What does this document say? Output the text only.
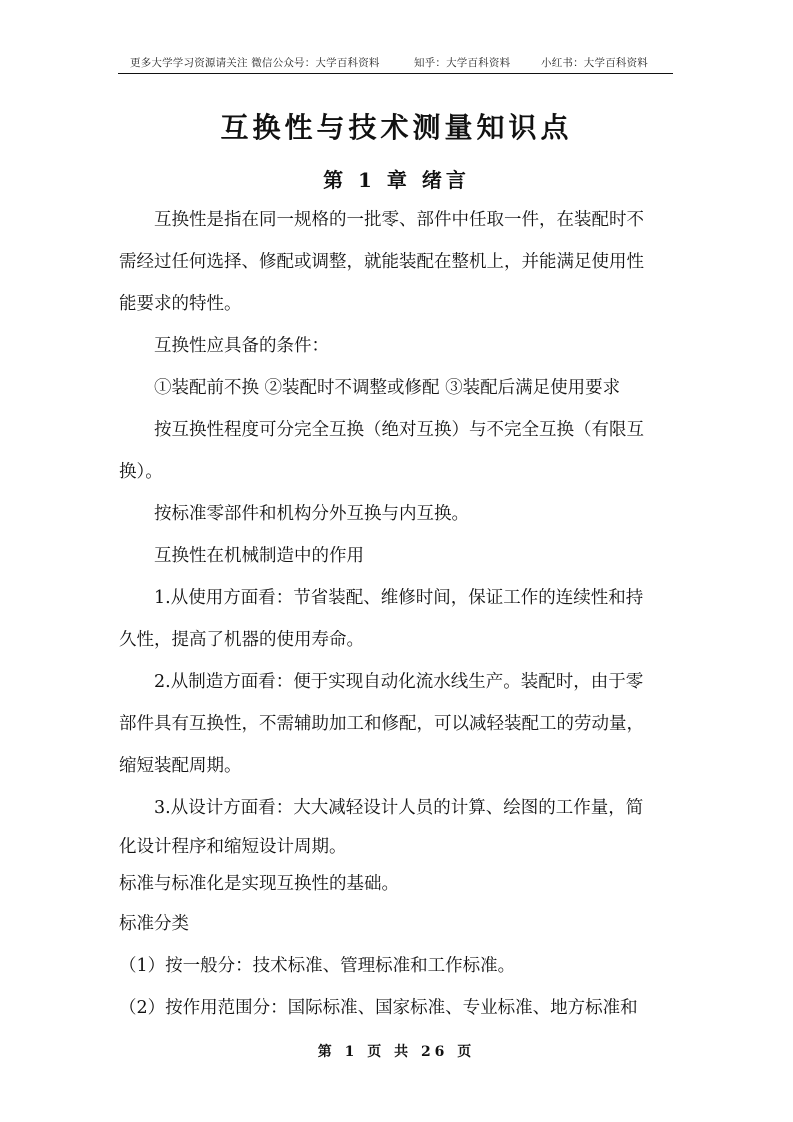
更多大学学习资源请关注 微信公众号：大学百科资料	知乎：大学百科资料	小红书：大学百科资料
互换性与技术测量知识点
第 1 章 绪言

互换性是指在同一规格的一批零、部件中任取一件，在装配时不
需经过任何选择、修配或调整，就能装配在整机上，并能满足使用性
能要求的特性。

互换性应具备的条件：

①装配前不换 ②装配时不调整或修配 ③装配后满足使用要求

按互换性程度可分完全互换（绝对互换）与不完全互换（有限互
换）。

按标准零部件和机构分外互换与内互换。

互换性在机械制造中的作用

1.从使用方面看：节省装配、维修时间，保证工作的连续性和持
久性，提高了机器的使用寿命。

2.从制造方面看：便于实现自动化流水线生产。装配时，由于零
部件具有互换性，不需辅助加工和修配，可以减轻装配工的劳动量，
缩短装配周期。

3.从设计方面看：大大减轻设计人员的计算、绘图的工作量，简
化设计程序和缩短设计周期。

标准与标准化是实现互换性的基础。

标准分类

（1）按一般分：技术标准、管理标准和工作标准。

（2）按作用范围分：国际标准、国家标准、专业标准、地方标准和

第 1 页 共 26 页
